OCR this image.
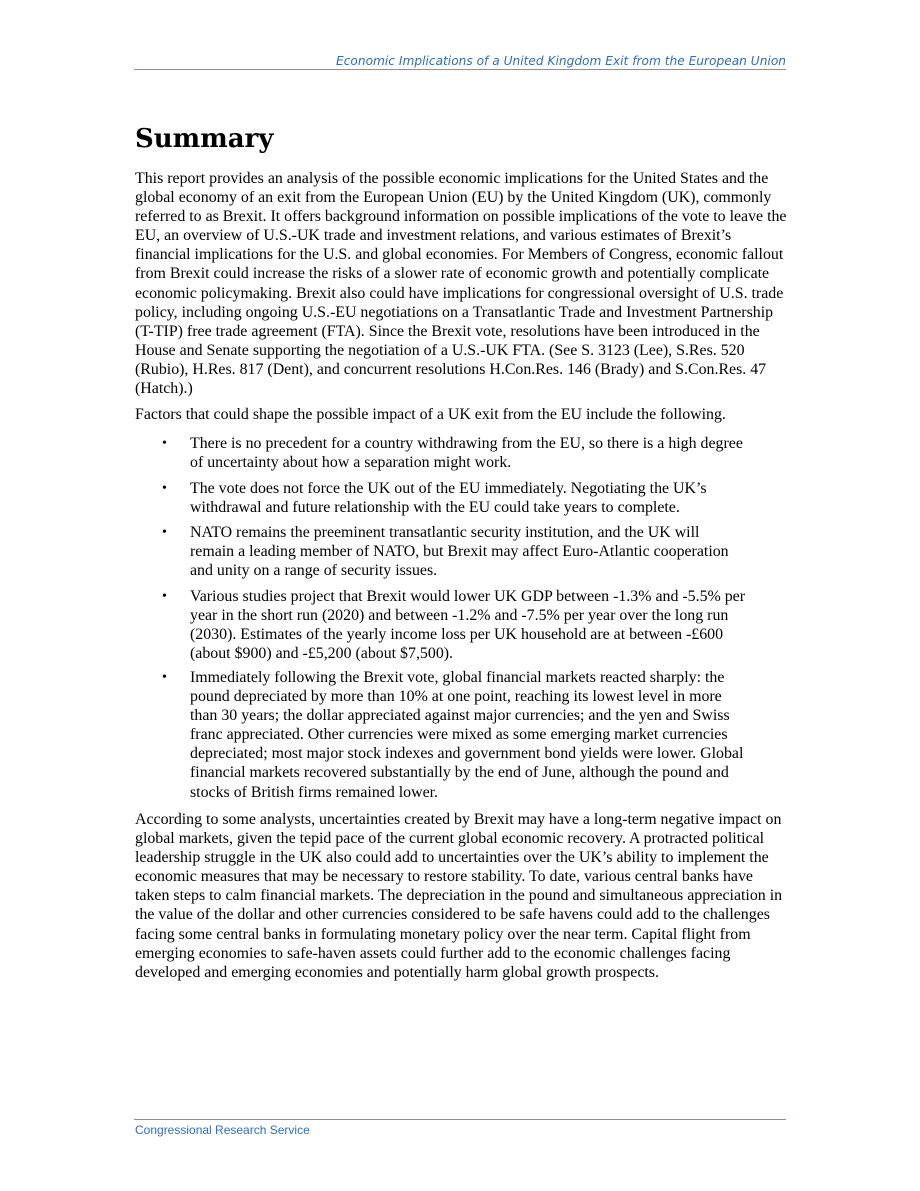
Economic Implications of a United Kingdom Exit from the European Union
Summary

This report provides an analysis of the possible economic implications for the United States and the global economy of an exit from the European Union (EU) by the United Kingdom (UK), commonly referred to as Brexit. It offers background information on possible implications of the vote to leave the EU, an overview of U.S.-UK trade and investment relations, and various estimates of Brexit’s financial implications for the U.S. and global economies. For Members of Congress, economic fallout from Brexit could increase the risks of a slower rate of economic growth and potentially complicate economic policymaking. Brexit also could have implications for congressional oversight of U.S. trade policy, including ongoing U.S.-EU negotiations on a Transatlantic Trade and Investment Partnership (T-TIP) free trade agreement (FTA). Since the Brexit vote, resolutions have been introduced in the House and Senate supporting the negotiation of a U.S.-UK FTA. (See S. 3123 (Lee), S.Res. 520 (Rubio), H.Res. 817 (Dent), and concurrent resolutions H.Con.Res. 146 (Brady) and S.Con.Res. 47 (Hatch).)

Factors that could shape the possible impact of a UK exit from the EU include the following.

• There is no precedent for a country withdrawing from the EU, so there is a high degree of uncertainty about how a separation might work.
• The vote does not force the UK out of the EU immediately. Negotiating the UK’s withdrawal and future relationship with the EU could take years to complete.
• NATO remains the preeminent transatlantic security institution, and the UK will remain a leading member of NATO, but Brexit may affect Euro-Atlantic cooperation and unity on a range of security issues.
• Various studies project that Brexit would lower UK GDP between -1.3% and -5.5% per year in the short run (2020) and between -1.2% and -7.5% per year over the long run (2030). Estimates of the yearly income loss per UK household are at between -£600 (about $900) and -£5,200 (about $7,500).
• Immediately following the Brexit vote, global financial markets reacted sharply: the pound depreciated by more than 10% at one point, reaching its lowest level in more than 30 years; the dollar appreciated against major currencies; and the yen and Swiss franc appreciated. Other currencies were mixed as some emerging market currencies depreciated; most major stock indexes and government bond yields were lower. Global financial markets recovered substantially by the end of June, although the pound and stocks of British firms remained lower.

According to some analysts, uncertainties created by Brexit may have a long-term negative impact on global markets, given the tepid pace of the current global economic recovery. A protracted political leadership struggle in the UK also could add to uncertainties over the UK’s ability to implement the economic measures that may be necessary to restore stability. To date, various central banks have taken steps to calm financial markets. The depreciation in the pound and simultaneous appreciation in the value of the dollar and other currencies considered to be safe havens could add to the challenges facing some central banks in formulating monetary policy over the near term. Capital flight from emerging economies to safe-haven assets could further add to the economic challenges facing developed and emerging economies and potentially harm global growth prospects.

Congressional Research Service
